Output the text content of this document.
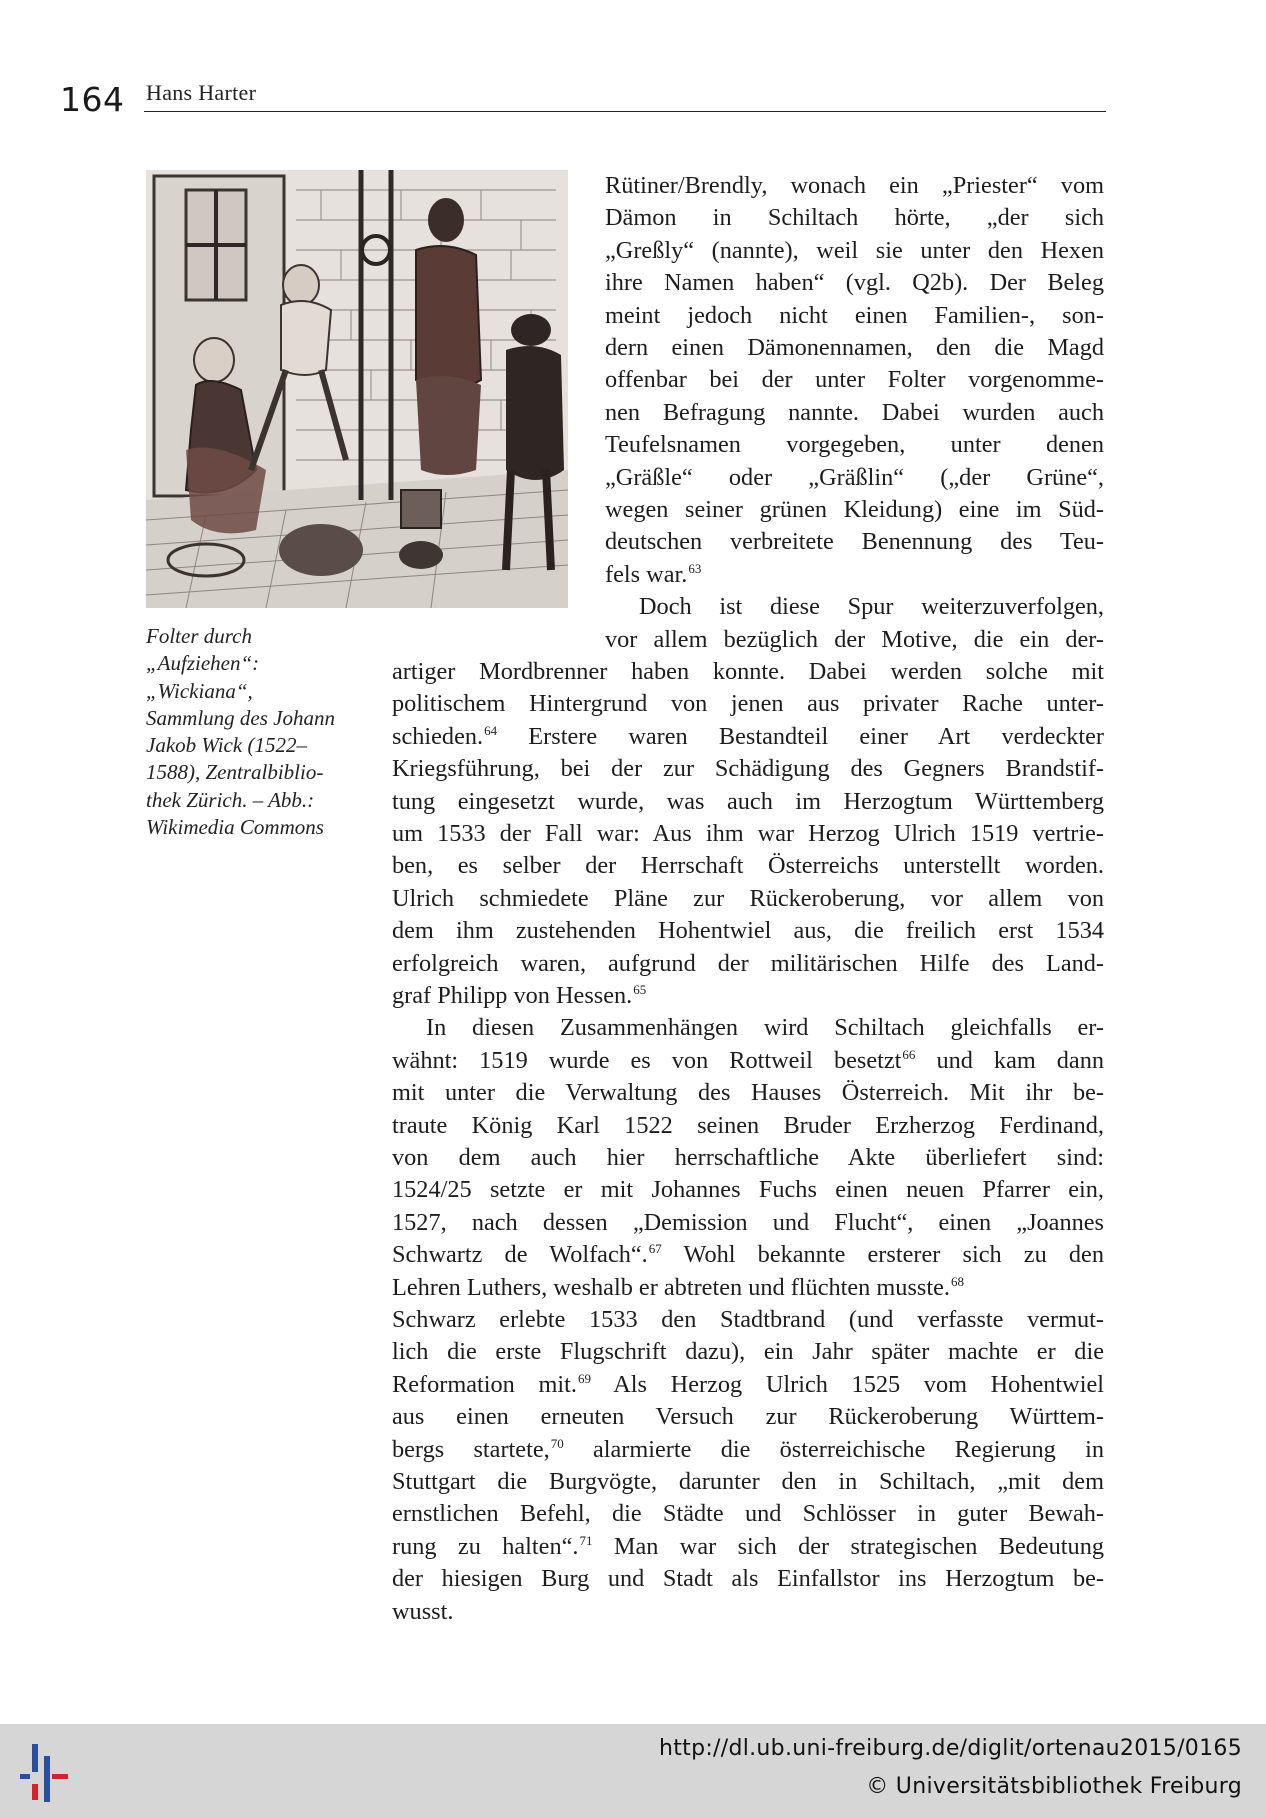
164 Hans Harter
Folter durch
„Aufziehen“:
„Wickiana“,
Sammlung des Johann
Jakob Wick (1522–
1588), Zentralbiblio-
thek Zürich. – Abb.:
Wikimedia Commons
Rütiner/Brendly, wonach ein „Priester“ vom
Dämon in Schiltach hörte, „der sich
„Greßly“ (nannte), weil sie unter den Hexen
ihre Namen haben“ (vgl. Q2b). Der Beleg
meint jedoch nicht einen Familien-, son-
dern einen Dämonennamen, den die Magd
offenbar bei der unter Folter vorgenomme-
nen Befragung nannte. Dabei wurden auch
Teufelsnamen vorgegeben, unter denen
„Gräßle“ oder „Gräßlin“ („der Grüne“,
wegen seiner grünen Kleidung) eine im Süd-
deutschen verbreitete Benennung des Teu-
fels war.$^{63}$
Doch ist diese Spur weiterzuverfolgen,
vor allem bezüglich der Motive, die ein der-
artiger Mordbrenner haben konnte. Dabei werden solche mit
politischem Hintergrund von jenen aus privater Rache unter-
schieden.$^{64}$ Erstere waren Bestandteil einer Art verdeckter
Kriegsführung, bei der zur Schädigung des Gegners Brandstif-
tung eingesetzt wurde, was auch im Herzogtum Württemberg
um 1533 der Fall war: Aus ihm war Herzog Ulrich 1519 vertrie-
ben, es selber der Herrschaft Österreichs unterstellt worden.
Ulrich schmiedete Pläne zur Rückeroberung, vor allem von
dem ihm zustehenden Hohentwiel aus, die freilich erst 1534
erfolgreich waren, aufgrund der militärischen Hilfe des Land-
graf Philipp von Hessen.$^{65}$
In diesen Zusammenhängen wird Schiltach gleichfalls er-
wähnt: 1519 wurde es von Rottweil besetzt$^{66}$ und kam dann
mit unter die Verwaltung des Hauses Österreich. Mit ihr be-
traute König Karl 1522 seinen Bruder Erzherzog Ferdinand,
von dem auch hier herrschaftliche Akte überliefert sind:
1524/25 setzte er mit Johannes Fuchs einen neuen Pfarrer ein,
1527, nach dessen „Demission und Flucht“, einen „Joannes
Schwartz de Wolfach“.$^{67}$ Wohl bekannte ersterer sich zu den
Lehren Luthers, weshalb er abtreten und flüchten musste.$^{68}$
Schwarz erlebte 1533 den Stadtbrand (und verfasste vermut-
lich die erste Flugschrift dazu), ein Jahr später machte er die
Reformation mit.$^{69}$ Als Herzog Ulrich 1525 vom Hohentwiel
aus einen erneuten Versuch zur Rückeroberung Württem-
bergs startete,$^{70}$ alarmierte die österreichische Regierung in
Stuttgart die Burgvögte, darunter den in Schiltach, „mit dem
ernstlichen Befehl, die Städte und Schlösser in guter Bewah-
rung zu halten“.$^{71}$ Man war sich der strategischen Bedeutung
der hiesigen Burg und Stadt als Einfallstor ins Herzogtum be-
wusst.
http://dl.ub.uni-freiburg.de/diglit/ortenau2015/0165
© Universitätsbibliothek Freiburg
